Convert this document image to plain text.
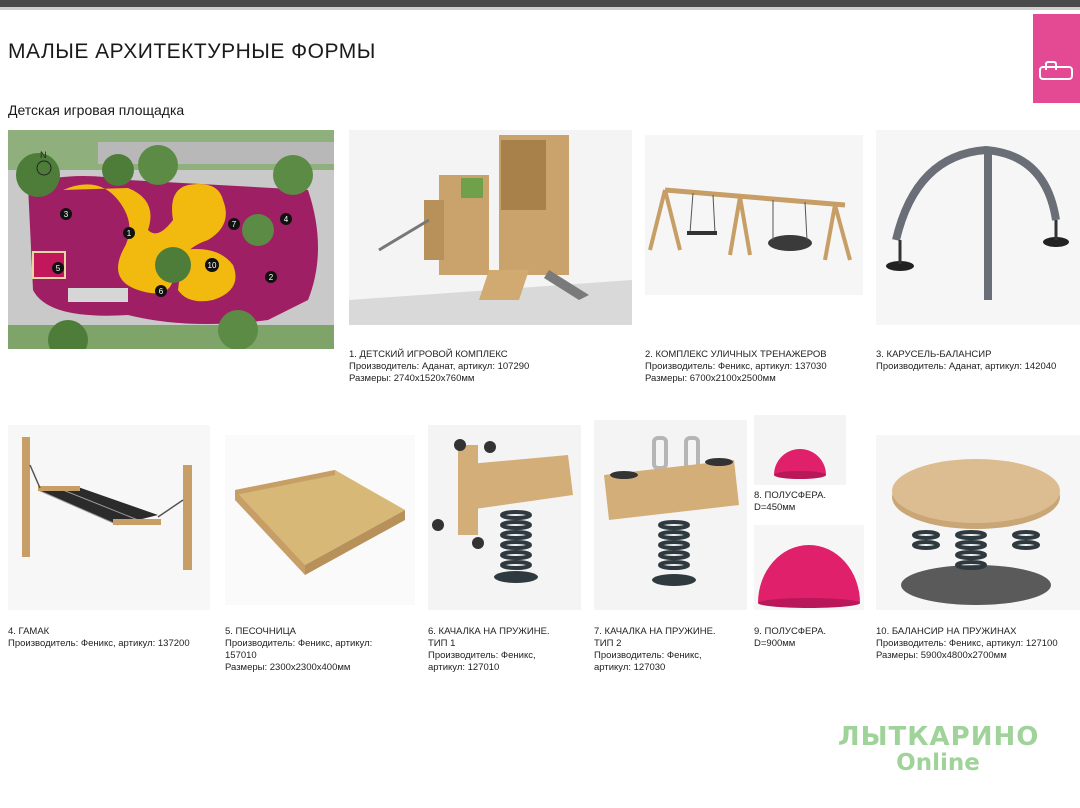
МАЛЫЕ АРХИТЕКТУРНЫЕ ФОРМЫ
Детская игровая площадка
N
1
2
3
4
5
6
7
10
1. ДЕТСКИЙ ИГРОВОЙ КОМПЛЕКС
Производитель: Аданат, артикул: 107290
Размеры: 2740х1520х760мм
2. КОМПЛЕКС УЛИЧНЫХ ТРЕНАЖЕРОВ
Производитель: Феникс, артикул: 137030
Размеры: 6700х2100х2500мм
3. КАРУСЕЛЬ-БАЛАНСИР
Производитель: Аданат, артикул: 142040
4. ГАМАК
Производитель: Феникс, артикул: 137200
5. ПЕСОЧНИЦА
Производитель: Феникс, артикул:
157010
Размеры: 2300х2300х400мм
6. КАЧАЛКА НА ПРУЖИНЕ.
ТИП 1
Производитель: Феникс,
артикул: 127010
7. КАЧАЛКА НА ПРУЖИНЕ.
ТИП 2
Производитель: Феникс,
артикул: 127030
8. ПОЛУСФЕРА.
D=450мм
9. ПОЛУСФЕРА.
D=900мм
10. БАЛАНСИР НА ПРУЖИНАХ
Производитель: Феникс, артикул: 127100
Размеры: 5900х4800х2700мм
ЛЫТКАРИНО
Online
